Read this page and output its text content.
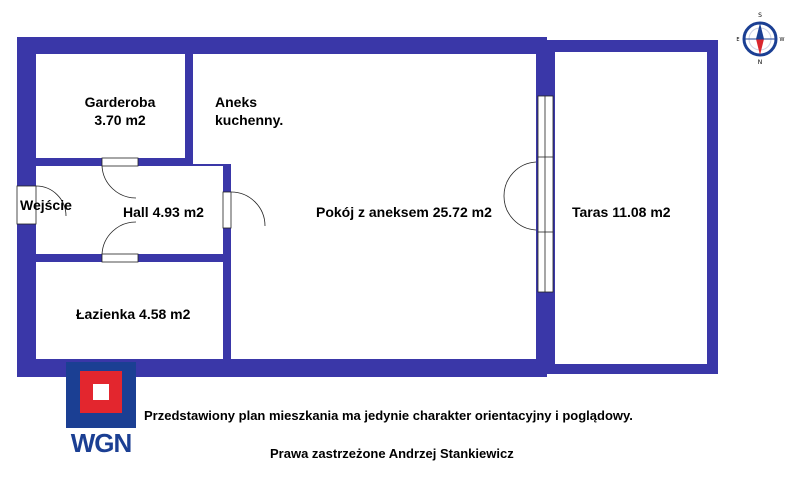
Garderoba
3.70 m2
Aneks
kuchenny.
Wejście	Hall 4.93 m2	Pokój z aneksem 25.72 m2	Taras 11.08 m2
Łazienka 4.58 m2
WGN
Przedstawiony plan mieszkania ma jedynie charakter orientacyjny i poglądowy.
Prawa zastrzeżone Andrzej Stankiewicz
S
N
E	W
